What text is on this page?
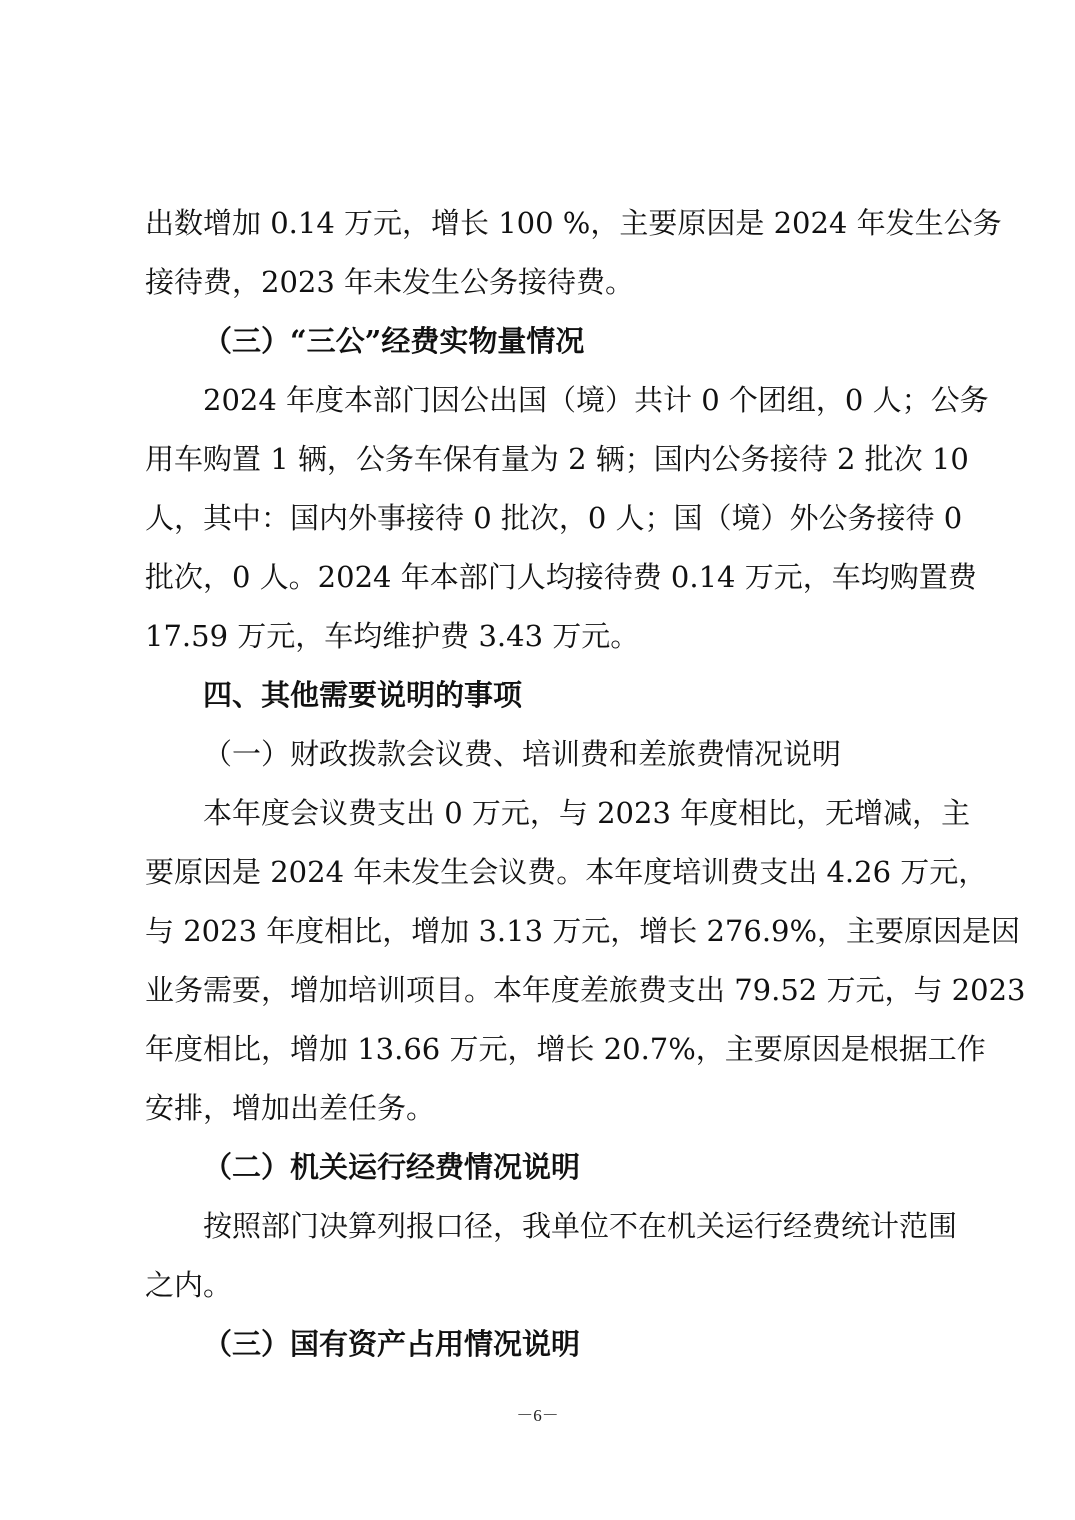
出数增加 0.14 万元，增长 100 %，主要原因是 2024 年发生公务
接待费，2023 年未发生公务接待费。
（三）“三公”经费实物量情况
2024 年度本部门因公出国（境）共计 0 个团组，0 人；公务
用车购置 1 辆，公务车保有量为 2 辆；国内公务接待 2 批次 10
人，其中：国内外事接待 0 批次，0 人；国（境）外公务接待 0
批次，0 人。2024 年本部门人均接待费 0.14 万元，车均购置费
17.59 万元，车均维护费 3.43 万元。
四、其他需要说明的事项
（一）财政拨款会议费、培训费和差旅费情况说明
本年度会议费支出 0 万元，与 2023 年度相比，无增减，主
要原因是 2024 年未发生会议费。本年度培训费支出 4.26 万元，
与 2023 年度相比，增加 3.13 万元，增长 276.9%，主要原因是因
业务需要，增加培训项目。本年度差旅费支出 79.52 万元，与 2023
年度相比，增加 13.66 万元，增长 20.7%，主要原因是根据工作
安排，增加出差任务。
（二）机关运行经费情况说明
按照部门决算列报口径，我单位不在机关运行经费统计范围
之内。
（三）国有资产占用情况说明
－6－
